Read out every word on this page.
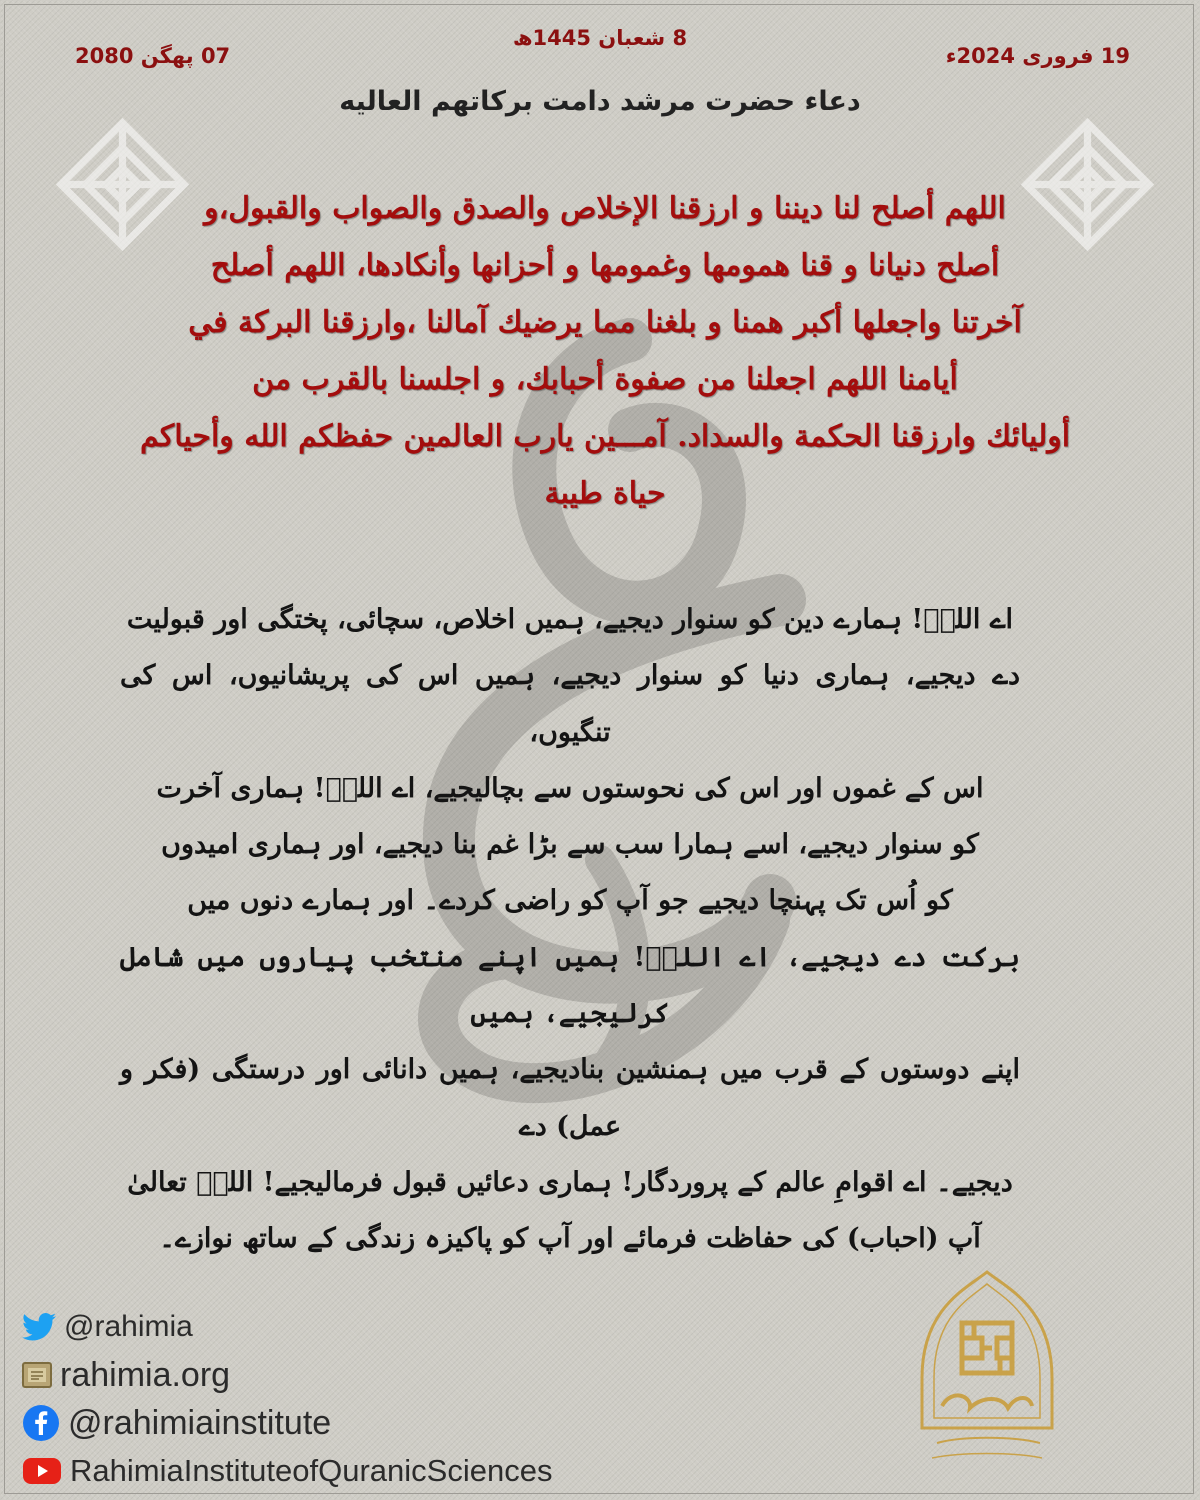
07 پھگن 2080
8 شعبان 1445ھ
19 فروری 2024ء
دعاء حضرت مرشد دامت برکاتهم العالیه
اللهم أصلح لنا ديننا و ارزقنا الإخلاص والصدق والصواب والقبول،و
أصلح دنيانا و قنا همومها وغمومها و أحزانها وأنكادها، اللهم أصلح
آخرتنا واجعلها أكبر همنا و بلغنا مما يرضيك آمالنا ،وارزقنا البركة في
أيامنا اللهم اجعلنا من صفوة أحبابك، و اجلسنا بالقرب من
أوليائك وارزقنا الحكمة والسداد. آمـــين يارب العالمين حفظكم الله وأحياكم
حياة طيبة
اے اللہؔ! ہمارے دین کو سنوار دیجیے، ہمیں اخلاص، سچائی، پختگی اور قبولیت
دے دیجیے، ہماری دنیا کو سنوار دیجیے، ہمیں اس کی پریشانیوں، اس کی تنگیوں،
اس کے غموں اور اس کی نحوستوں سے بچالیجیے، اے اللہؔ! ہماری آخرت
کو سنوار دیجیے، اسے ہمارا سب سے بڑا غم بنا دیجیے، اور ہماری امیدوں
کو اُس تک پہنچا دیجیے جو آپ کو راضی کردے۔ اور ہمارے دنوں میں
برکت دے دیجیے، اے اللہؔ! ہمیں اپنے منتخب پیاروں میں شامل کرلیجیے، ہمیں
اپنے دوستوں کے قرب میں ہمنشین بنادیجیے، ہمیں دانائی اور درستگی (فکر و عمل) دے
دیجیے۔ اے اقوامِ عالم کے پروردگار! ہماری دعائیں قبول فرمالیجیے! اللہؔ تعالیٰ
آپ (احباب) کی حفاظت فرمائے اور آپ کو پاکیزہ زندگی کے ساتھ نوازے۔
@rahimia
rahimia.org
@rahimiainstitute
RahimiaInstituteofQuranicSciences
